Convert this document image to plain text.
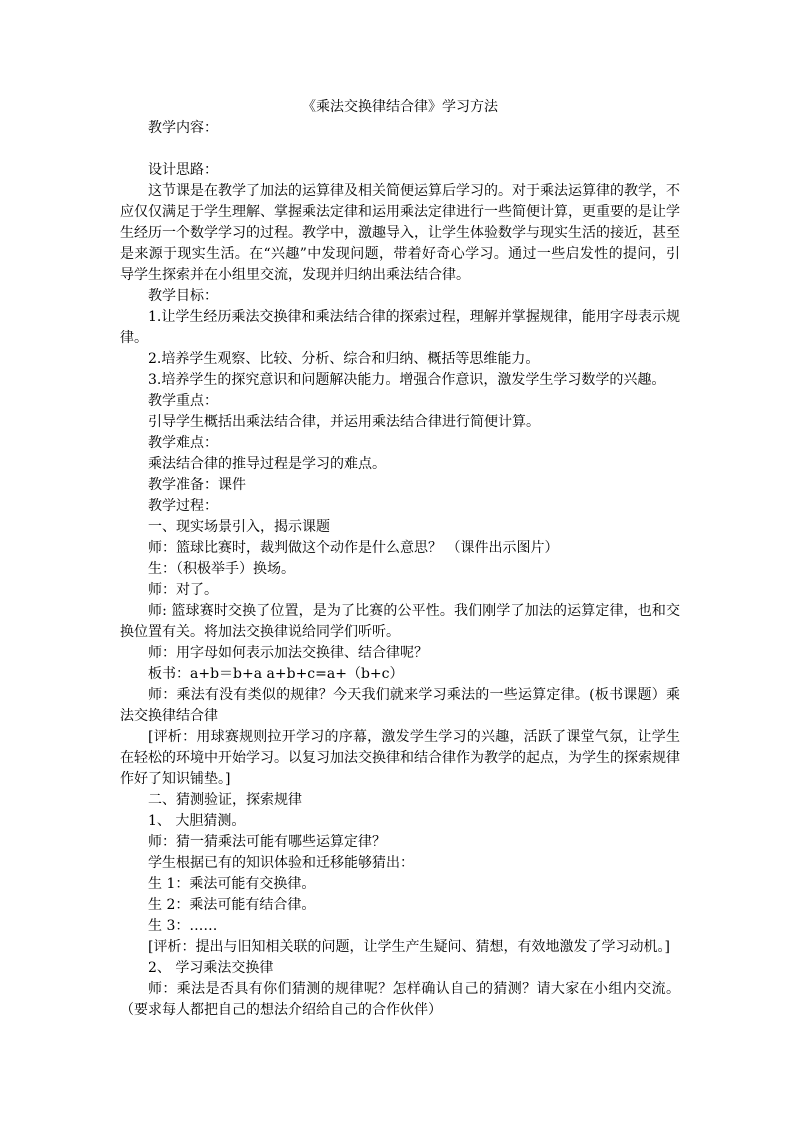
《乘法交换律结合律》学习方法

教学内容：

设计思路：

这节课是在教学了加法的运算律及相关简便运算后学习的。对于乘法运算律的教学，不应仅仅满足于学生理解、掌握乘法定律和运用乘法定律进行一些简便计算，更重要的是让学生经历一个数学学习的过程。教学中，激趣导入，让学生体验数学与现实生活的接近，甚至是来源于现实生活。在“兴趣”中发现问题，带着好奇心学习。通过一些启发性的提问，引导学生探索并在小组里交流，发现并归纳出乘法结合律。

教学目标：

1.让学生经历乘法交换律和乘法结合律的探索过程，理解并掌握规律，能用字母表示规律。

2.培养学生观察、比较、分析、综合和归纳、概括等思维能力。

3.培养学生的探究意识和问题解决能力。增强合作意识，激发学生学习数学的兴趣。

教学重点：

引导学生概括出乘法结合律，并运用乘法结合律进行简便计算。

教学难点：

乘法结合律的推导过程是学习的难点。

教学准备：课件

教学过程：

一、现实场景引入，揭示课题

师：篮球比赛时，裁判做这个动作是什么意思？ （课件出示图片）

生：（积极举手）换场。

师：对了。

师: 篮球赛时交换了位置，是为了比赛的公平性。我们刚学了加法的运算定律，也和交换位置有关。将加法交换律说给同学们听听。

师：用字母如何表示加法交换律、结合律呢？

板书：a+b＝b+a a+b+c=a+（b+c）

师：乘法有没有类似的规律？今天我们就来学习乘法的一些运算定律。(板书课题）乘法交换律结合律

[评析：用球赛规则拉开学习的序幕，激发学生学习的兴趣，活跃了课堂气氛，让学生在轻松的环境中开始学习。以复习加法交换律和结合律作为教学的起点，为学生的探索规律作好了知识铺垫。]

二、猜测验证，探索规律

1、 大胆猜测。

师：猜一猜乘法可能有哪些运算定律？

学生根据已有的知识体验和迁移能够猜出：

生 1：乘法可能有交换律。

生 2：乘法可能有结合律。

生 3：……

[评析：提出与旧知相关联的问题，让学生产生疑问、猜想，有效地激发了学习动机。]

2、 学习乘法交换律

师：乘法是否具有你们猜测的规律呢？怎样确认自己的猜测？请大家在小组内交流。（要求每人都把自己的想法介绍给自己的合作伙伴）
